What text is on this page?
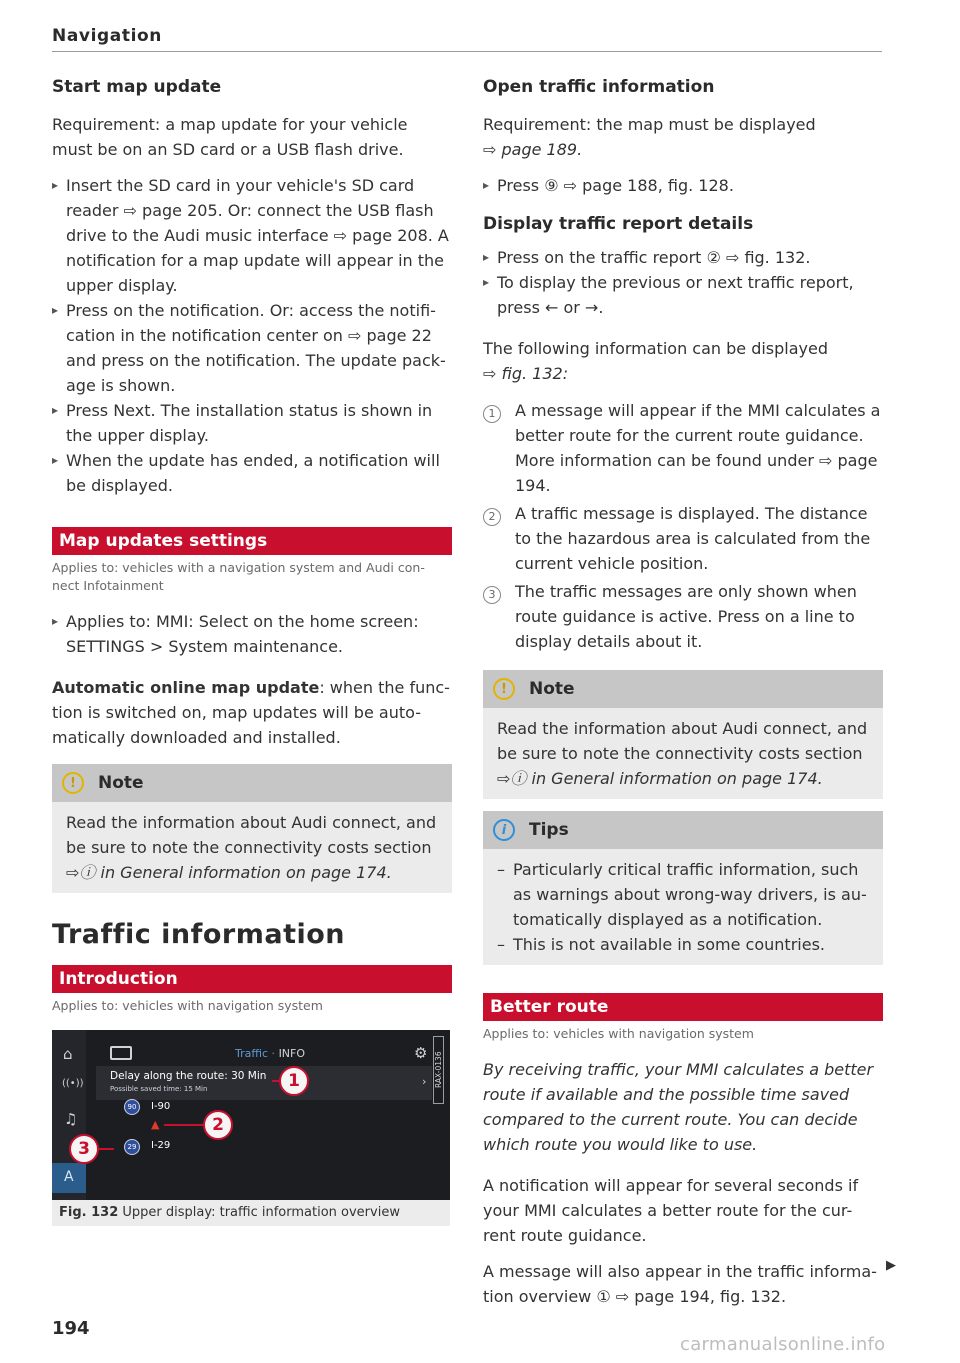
Navigation
Start map update

Requirement: a map update for your vehicle must be on an SD card or a USB flash drive.

▸ Insert the SD card in your vehicle's SD card reader ⇨ page 205. Or: connect the USB flash drive to the Audi music interface ⇨ page 208. A notification for a map update will appear in the upper display.
▸ Press on the notification. Or: access the notifi-cation in the notification center on ⇨ page 22 and press on the notification. The update pack-age is shown.
▸ Press Next. The installation status is shown in the upper display.
▸ When the update has ended, a notification will be displayed.
Map updates settings

Applies to: vehicles with a navigation system and Audi con-nect Infotainment

▸ Applies to: MMI: Select on the home screen: SETTINGS > System maintenance.

Automatic online map update: when the func-tion is switched on, map updates will be auto-matically downloaded and installed.

!	Note
Read the information about Audi connect, and be sure to note the connectivity costs section
⇨ⓘ in General information on page 174.
Traffic information
Introduction

Applies to: vehicles with navigation system

⌂
((•))
♫
A
Traffic · INFO	⚙ RAX-0136
Delay along the route: 30 Min
Possible saved time: 15 Min
›
90	I-90
▲
29	I-29
1
2
3
Fig. 132 Upper display: traffic information overview
Open traffic information

Requirement: the map must be displayed

⇨ page 189.

▸ Press ⑨ ⇨ page 188, fig. 128.
Display traffic report details
▸ Press on the traffic report ② ⇨ fig. 132.
▸ To display the previous or next traffic report, press ← or →.

The following information can be displayed

⇨ fig. 132:

1	A message will appear if the MMI calculates a better route for the current route guidance. More information can be found under ⇨ page 194.
2	A traffic message is displayed. The distance to the hazardous area is calculated from the current vehicle position.
3	The traffic messages are only shown when route guidance is active. Press on a line to display details about it.
!	Note
Read the information about Audi connect, and be sure to note the connectivity costs section
⇨ⓘ in General information on page 174.
i	Tips
– Particularly critical traffic information, such as warnings about wrong-way drivers, is au-tomatically displayed as a notification.
– This is not available in some countries.
Better route

Applies to: vehicles with navigation system

By receiving traffic, your MMI calculates a better route if available and the possible time saved compared to the current route. You can decide which route you would like to use.

A notification will appear for several seconds if your MMI calculates a better route for the cur-rent route guidance.

A message will also appear in the traffic informa-tion overview ① ⇨ page 194, fig. 132.

▶
194
carmanualsonline.info
